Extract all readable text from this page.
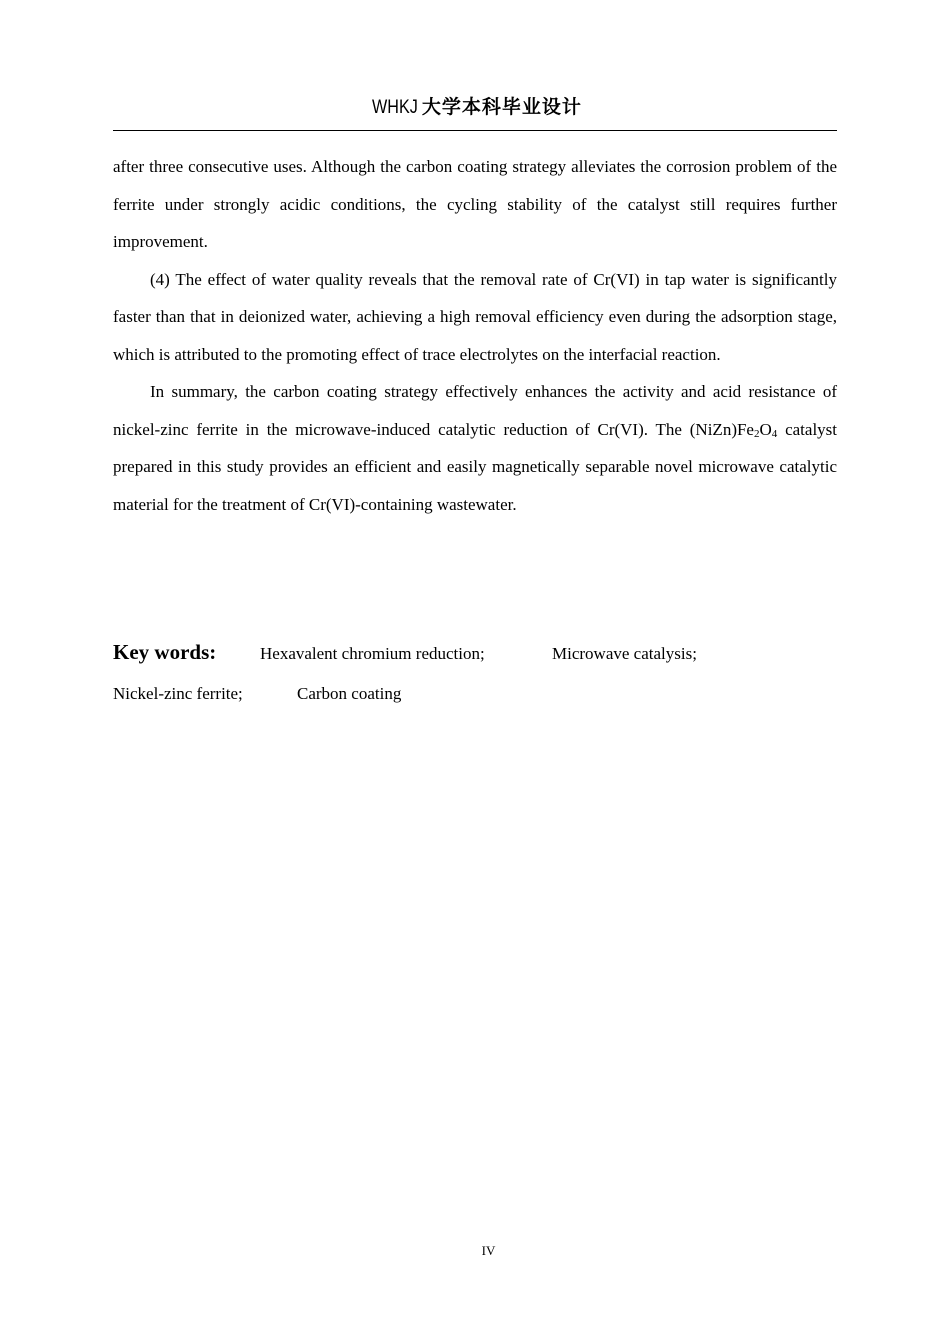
WHKJ 大学本科毕业设计

after three consecutive uses. Although the carbon coating strategy alleviates the corrosion problem of the ferrite under strongly acidic conditions, the cycling stability of the catalyst still requires further improvement.

(4) The effect of water quality reveals that the removal rate of Cr(VI) in tap water is significantly faster than that in deionized water, achieving a high removal efficiency even during the adsorption stage, which is attributed to the promoting effect of trace electrolytes on the interfacial reaction.

In summary, the carbon coating strategy effectively enhances the activity and acid resistance of nickel-zinc ferrite in the microwave-induced catalytic reduction of Cr(VI). The $(NiZn)Fe_2O_4$ catalyst prepared in this study provides an efficient and easily magnetically separable novel microwave catalytic material for the treatment of Cr(VI)-containing wastewater.

Key words:	Hexavalent chromium reduction;	Microwave catalysis;
Nickel-zinc ferrite;	Carbon coating
IV
